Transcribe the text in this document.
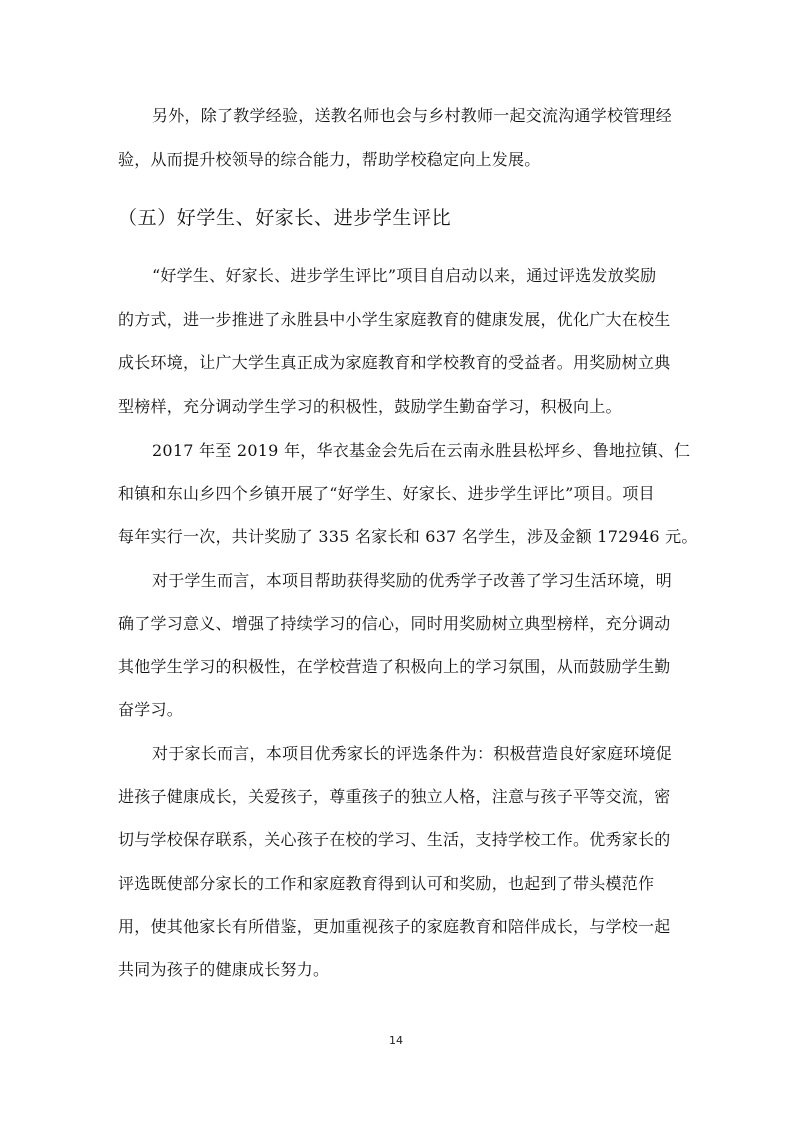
另外，除了教学经验，送教名师也会与乡村教师一起交流沟通学校管理经
验，从而提升校领导的综合能力，帮助学校稳定向上发展。
（五）好学生、好家长、进步学生评比
“好学生、好家长、进步学生评比”项目自启动以来，通过评选发放奖励
的方式，进一步推进了永胜县中小学生家庭教育的健康发展，优化广大在校生
成长环境，让广大学生真正成为家庭教育和学校教育的受益者。用奖励树立典
型榜样，充分调动学生学习的积极性，鼓励学生勤奋学习，积极向上。
2017 年至 2019 年，华衣基金会先后在云南永胜县松坪乡、鲁地拉镇、仁
和镇和东山乡四个乡镇开展了“好学生、好家长、进步学生评比”项目。项目
每年实行一次，共计奖励了 335 名家长和 637 名学生，涉及金额 172946 元。
对于学生而言，本项目帮助获得奖励的优秀学子改善了学习生活环境，明
确了学习意义、增强了持续学习的信心，同时用奖励树立典型榜样，充分调动
其他学生学习的积极性，在学校营造了积极向上的学习氛围，从而鼓励学生勤
奋学习。
对于家长而言，本项目优秀家长的评选条件为：积极营造良好家庭环境促
进孩子健康成长，关爱孩子，尊重孩子的独立人格，注意与孩子平等交流，密
切与学校保存联系，关心孩子在校的学习、生活，支持学校工作。优秀家长的
评选既使部分家长的工作和家庭教育得到认可和奖励，也起到了带头模范作
用，使其他家长有所借鉴，更加重视孩子的家庭教育和陪伴成长，与学校一起
共同为孩子的健康成长努力。
14
